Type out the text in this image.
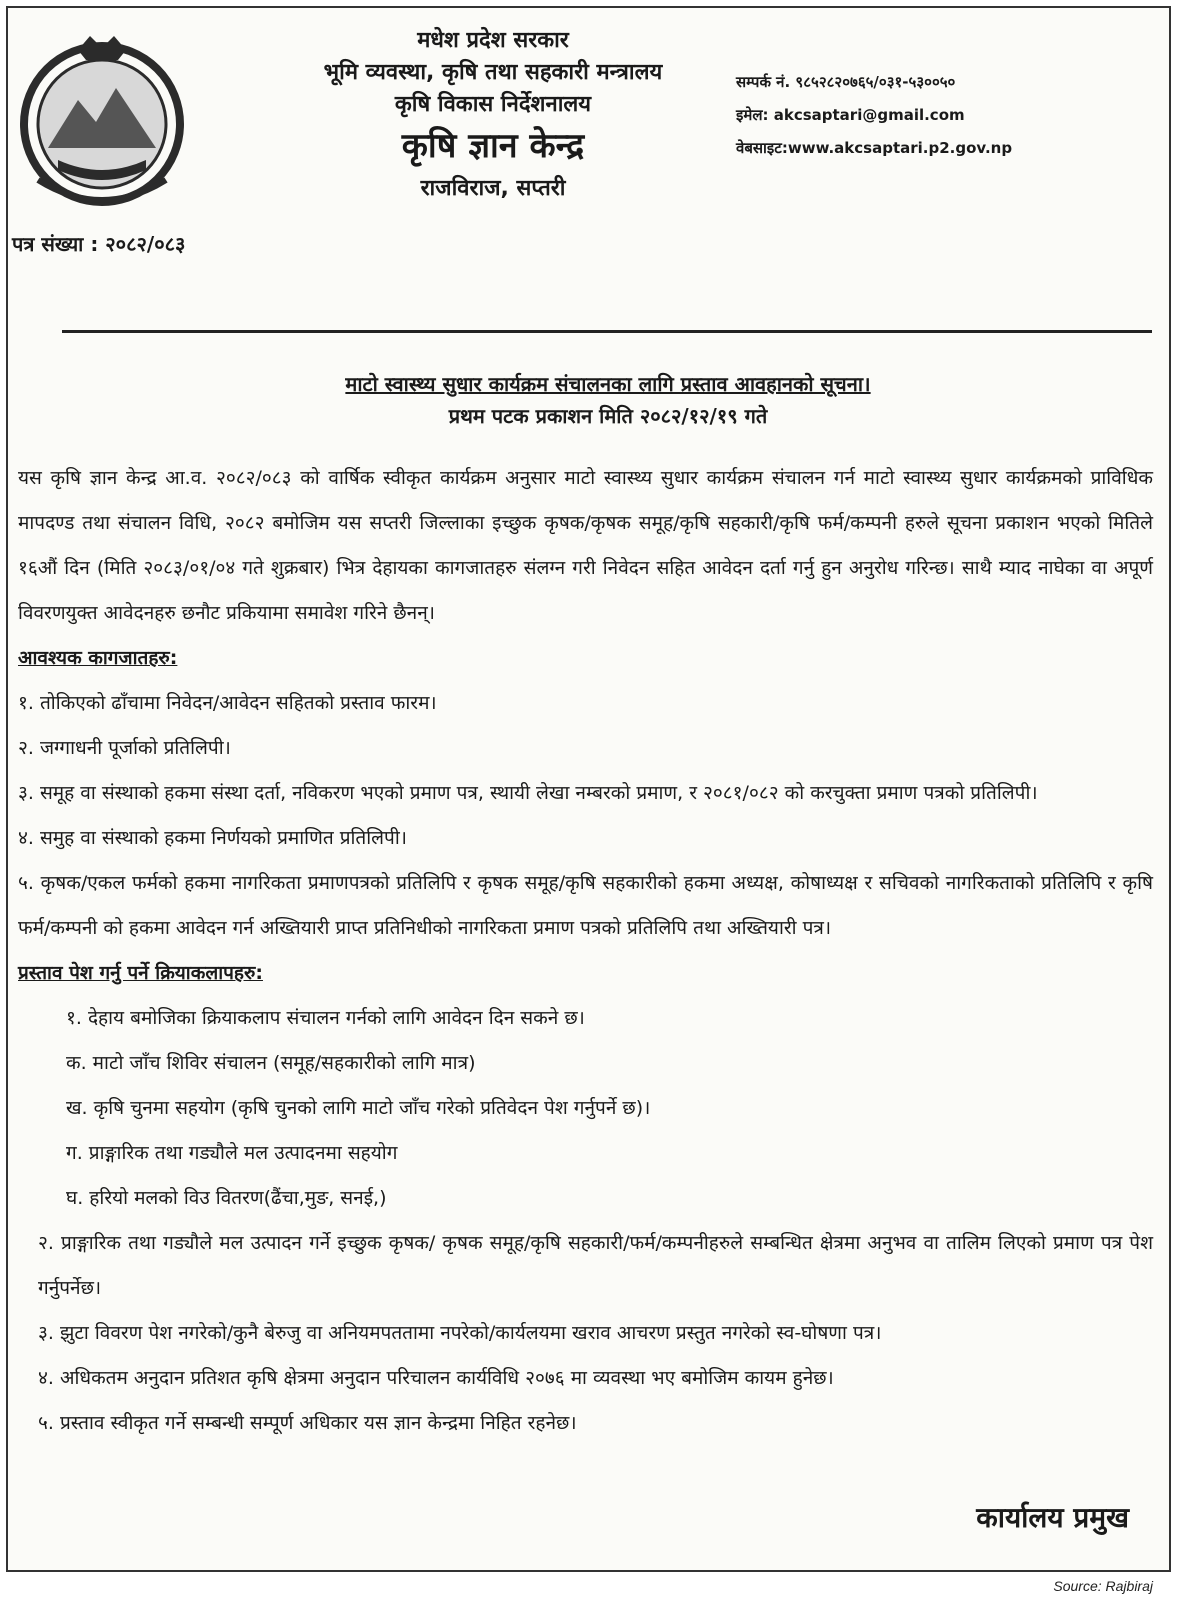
मधेश प्रदेश सरकार
भूमि व्यवस्था, कृषि तथा सहकारी मन्त्रालय
कृषि विकास निर्देशनालय
कृषि ज्ञान केन्द्र
राजविराज, सप्तरी
सम्पर्क नं. ९८५२८२०७६५/०३१-५३००५०
इमेल: akcsaptari@gmail.com
वेबसाइट:www.akcsaptari.p2.gov.np
पत्र संख्या : २०८२/०८३
माटो स्वास्थ्य सुधार कार्यक्रम संचालनका लागि प्रस्ताव आवहानको सूचना।
प्रथम पटक प्रकाशन मिति २०८२/१२/१९ गते

यस कृषि ज्ञान केन्द्र आ.व. २०८२/०८३ को वार्षिक स्वीकृत कार्यक्रम अनुसार माटो स्वास्थ्य सुधार कार्यक्रम संचालन गर्न माटो स्वास्थ्य सुधार कार्यक्रमको प्राविधिक मापदण्ड तथा संचालन विधि, २०८२ बमोजिम यस सप्तरी जिल्लाका इच्छुक कृषक/कृषक समूह/कृषि सहकारी/कृषि फर्म/कम्पनी हरुले सूचना प्रकाशन भएको मितिले १६औं दिन (मिति २०८३/०१/०४ गते शुक्रबार) भित्र देहायका कागजातहरु संलग्न गरी निवेदन सहित आवेदन दर्ता गर्नु हुन अनुरोध गरिन्छ। साथै म्याद नाघेका वा अपूर्ण विवरणयुक्त आवेदनहरु छनौट प्रकियामा समावेश गरिने छैनन्।

आवश्यक कागजातहरु:

१. तोकिएको ढाँचामा निवेदन/आवेदन सहितको प्रस्ताव फारम।

२. जग्गाधनी पूर्जाको प्रतिलिपी।

३. समूह वा संस्थाको हकमा संस्था दर्ता, नविकरण भएको प्रमाण पत्र, स्थायी लेखा नम्बरको प्रमाण, र २०८१/०८२ को करचुक्ता प्रमाण पत्रको प्रतिलिपी।

४. समुह वा संस्थाको हकमा निर्णयको प्रमाणित प्रतिलिपी।

५. कृषक/एकल फर्मको हकमा नागरिकता प्रमाणपत्रको प्रतिलिपि र कृषक समूह/कृषि सहकारीको हकमा अध्यक्ष, कोषाध्यक्ष र सचिवको नागरिकताको प्रतिलिपि र कृषि फर्म/कम्पनी को हकमा आवेदन गर्न अख्तियारी प्राप्त प्रतिनिधीको नागरिकता प्रमाण पत्रको प्रतिलिपि तथा अख्तियारी पत्र।

प्रस्ताव पेश गर्नु पर्ने क्रियाकलापहरु:

१. देहाय बमोजिका क्रियाकलाप संचालन गर्नको लागि आवेदन दिन सकने छ।

क. माटो जाँच शिविर संचालन (समूह/सहकारीको लागि मात्र)

ख. कृषि चुनमा सहयोग (कृषि चुनको लागि माटो जाँच गरेको प्रतिवेदन पेश गर्नुपर्ने छ)।

ग. प्राङ्गारिक तथा गड्यौले मल उत्पादनमा सहयोग

घ. हरियो मलको विउ वितरण(ढैंचा,मुङ, सनई,)

२. प्राङ्गारिक तथा गड्यौले मल उत्पादन गर्ने इच्छुक कृषक/ कृषक समूह/कृषि सहकारी/फर्म/कम्पनीहरुले सम्बन्धित क्षेत्रमा अनुभव वा तालिम लिएको प्रमाण पत्र पेश गर्नुपर्नेछ।

३. झुटा विवरण पेश नगरेको/कुनै बेरुजु वा अनियमपततामा नपरेको/कार्यलयमा खराव आचरण प्रस्तुत नगरेको स्व-घोषणा पत्र।

४. अधिकतम अनुदान प्रतिशत कृषि क्षेत्रमा अनुदान परिचालन कार्यविधि २०७६ मा व्यवस्था भए बमोजिम कायम हुनेछ।

५. प्रस्ताव स्वीकृत गर्ने सम्बन्धी सम्पूर्ण अधिकार यस ज्ञान केन्द्रमा निहित रहनेछ।

कार्यालय प्रमुख
Source: Rajbiraj
